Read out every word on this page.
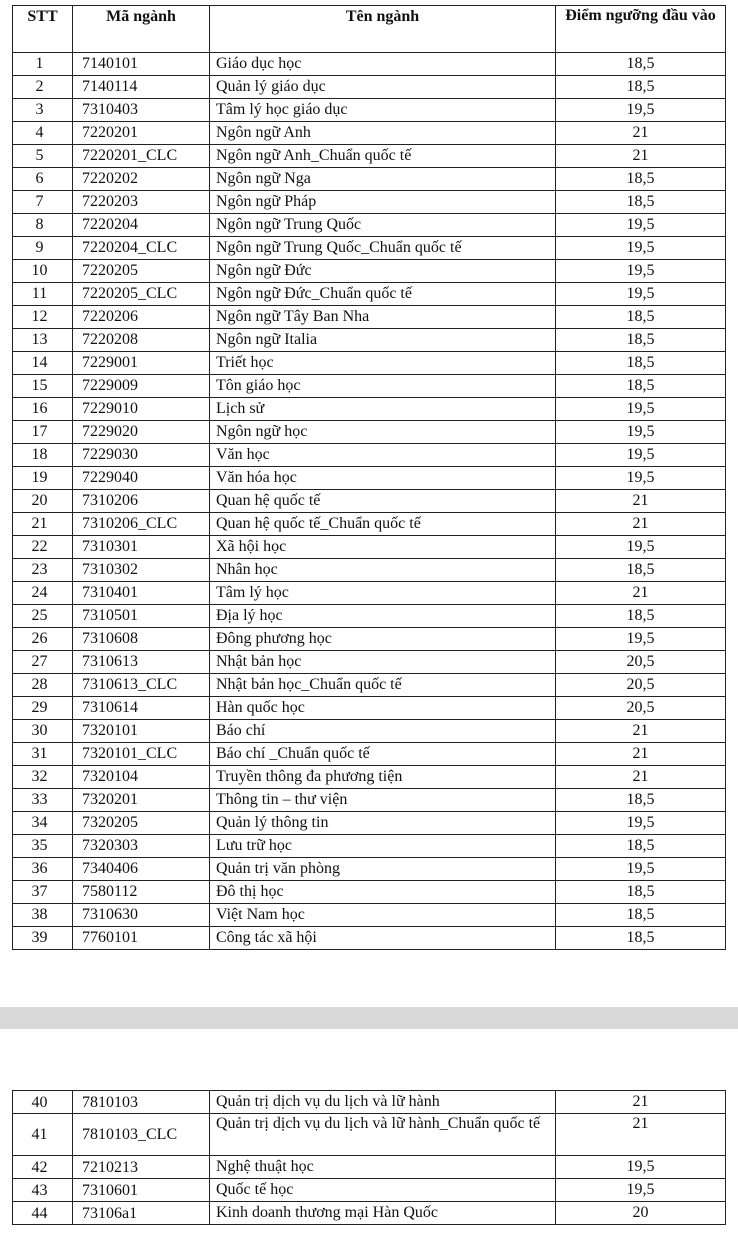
STT	Mã ngành	Tên ngành	Điểm ngưỡng đầu vào
1	7140101	Giáo dục học	18,5
2	7140114	Quản lý giáo dục	18,5
3	7310403	Tâm lý học giáo dục	19,5
4	7220201	Ngôn ngữ Anh	21
5	7220201_CLC	Ngôn ngữ Anh_Chuẩn quốc tế	21
6	7220202	Ngôn ngữ Nga	18,5
7	7220203	Ngôn ngữ Pháp	18,5
8	7220204	Ngôn ngữ Trung Quốc	19,5
9	7220204_CLC	Ngôn ngữ Trung Quốc_Chuẩn quốc tế	19,5
10	7220205	Ngôn ngữ Đức	19,5
11	7220205_CLC	Ngôn ngữ Đức_Chuẩn quốc tế	19,5
12	7220206	Ngôn ngữ Tây Ban Nha	18,5
13	7220208	Ngôn ngữ Italia	18,5
14	7229001	Triết học	18,5
15	7229009	Tôn giáo học	18,5
16	7229010	Lịch sử	19,5
17	7229020	Ngôn ngữ học	19,5
18	7229030	Văn học	19,5
19	7229040	Văn hóa học	19,5
20	7310206	Quan hệ quốc tế	21
21	7310206_CLC	Quan hệ quốc tế_Chuẩn quốc tế	21
22	7310301	Xã hội học	19,5
23	7310302	Nhân học	18,5
24	7310401	Tâm lý học	21
25	7310501	Địa lý học	18,5
26	7310608	Đông phương học	19,5
27	7310613	Nhật bản học	20,5
28	7310613_CLC	Nhật bản học_Chuẩn quốc tế	20,5
29	7310614	Hàn quốc học	20,5
30	7320101	Báo chí	21
31	7320101_CLC	Báo chí _Chuẩn quốc tế	21
32	7320104	Truyền thông đa phương tiện	21
33	7320201	Thông tin – thư viện	18,5
34	7320205	Quản lý thông tin	19,5
35	7320303	Lưu trữ học	18,5
36	7340406	Quản trị văn phòng	19,5
37	7580112	Đô thị học	18,5
38	7310630	Việt Nam học	18,5
39	7760101	Công tác xã hội	18,5
40	7810103	Quản trị dịch vụ du lịch và lữ hành	21
41	7810103_CLC	Quản trị dịch vụ du lịch và lữ hành_Chuẩn quốc tế	21
42	7210213	Nghệ thuật học	19,5
43	7310601	Quốc tế học	19,5
44	73106a1	Kinh doanh thương mại Hàn Quốc	20
